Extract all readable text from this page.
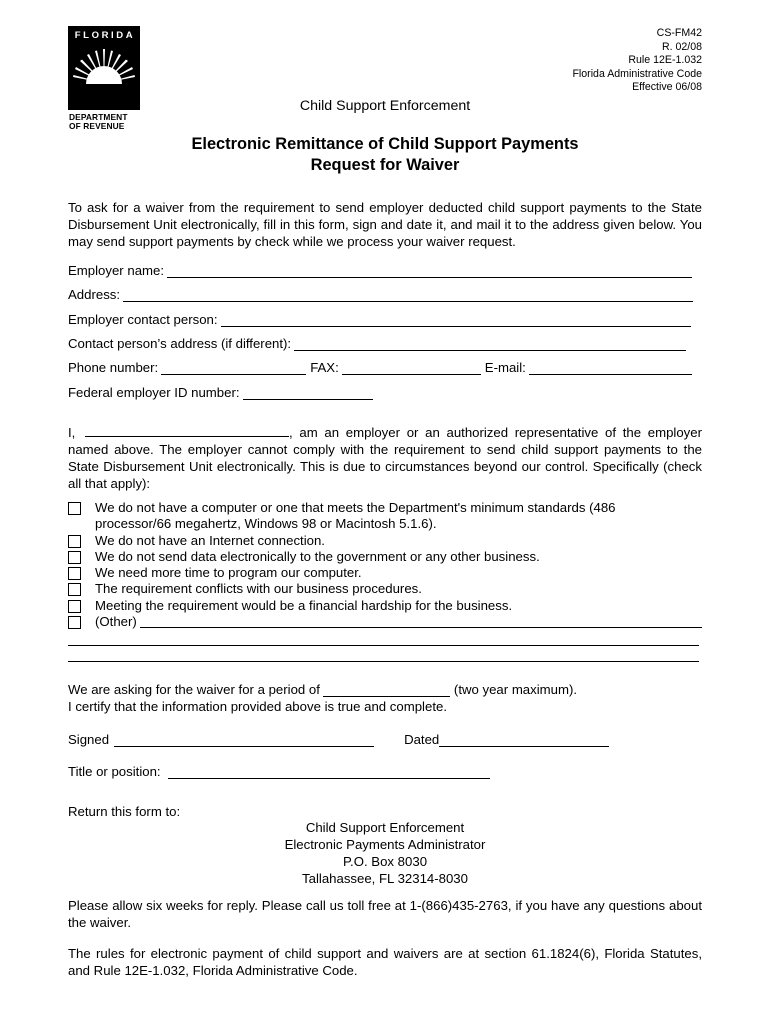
FLORIDA
DEPARTMENT
OF REVENUE
CS-FM42
R. 02/08
Rule 12E-1.032
Florida Administrative Code
Effective 06/08
Child Support Enforcement
Electronic Remittance of Child Support Payments
Request for Waiver
To ask for a waiver from the requirement to send employer deducted child support payments to the State Disbursement Unit electronically, fill in this form, sign and date it, and mail it to the address given below. You may send support payments by check while we process your waiver request.
Employer name:
Address:
Employer contact person:
Contact person’s address (if different):
Phone number:	FAX:	E-mail:
Federal employer ID number:
I,	, am an employer or an authorized representative of the employer named above. The employer cannot comply with the requirement to send child support payments to the State Disbursement Unit electronically. This is due to circumstances beyond our control. Specifically (check all that apply):
We do not have a computer or one that meets the Department's minimum standards (486
processor/66 megahertz, Windows 98 or Macintosh 5.1.6).
We do not have an Internet connection.
We do not send data electronically to the government or any other business.
We need more time to program our computer.
The requirement conflicts with our business procedures.
Meeting the requirement would be a financial hardship for the business.
(Other)
We are asking for the waiver for a period of	(two year maximum).
I certify that the information provided above is true and complete.
Signed	Dated
Title or position:
Return this form to:
Child Support Enforcement
Electronic Payments Administrator
P.O. Box 8030
Tallahassee, FL 32314-8030
Please allow six weeks for reply. Please call us toll free at 1-(866)435-2763, if you have any questions about the waiver.
The rules for electronic payment of child support and waivers are at section 61.1824(6), Florida Statutes, and Rule 12E-1.032, Florida Administrative Code.
